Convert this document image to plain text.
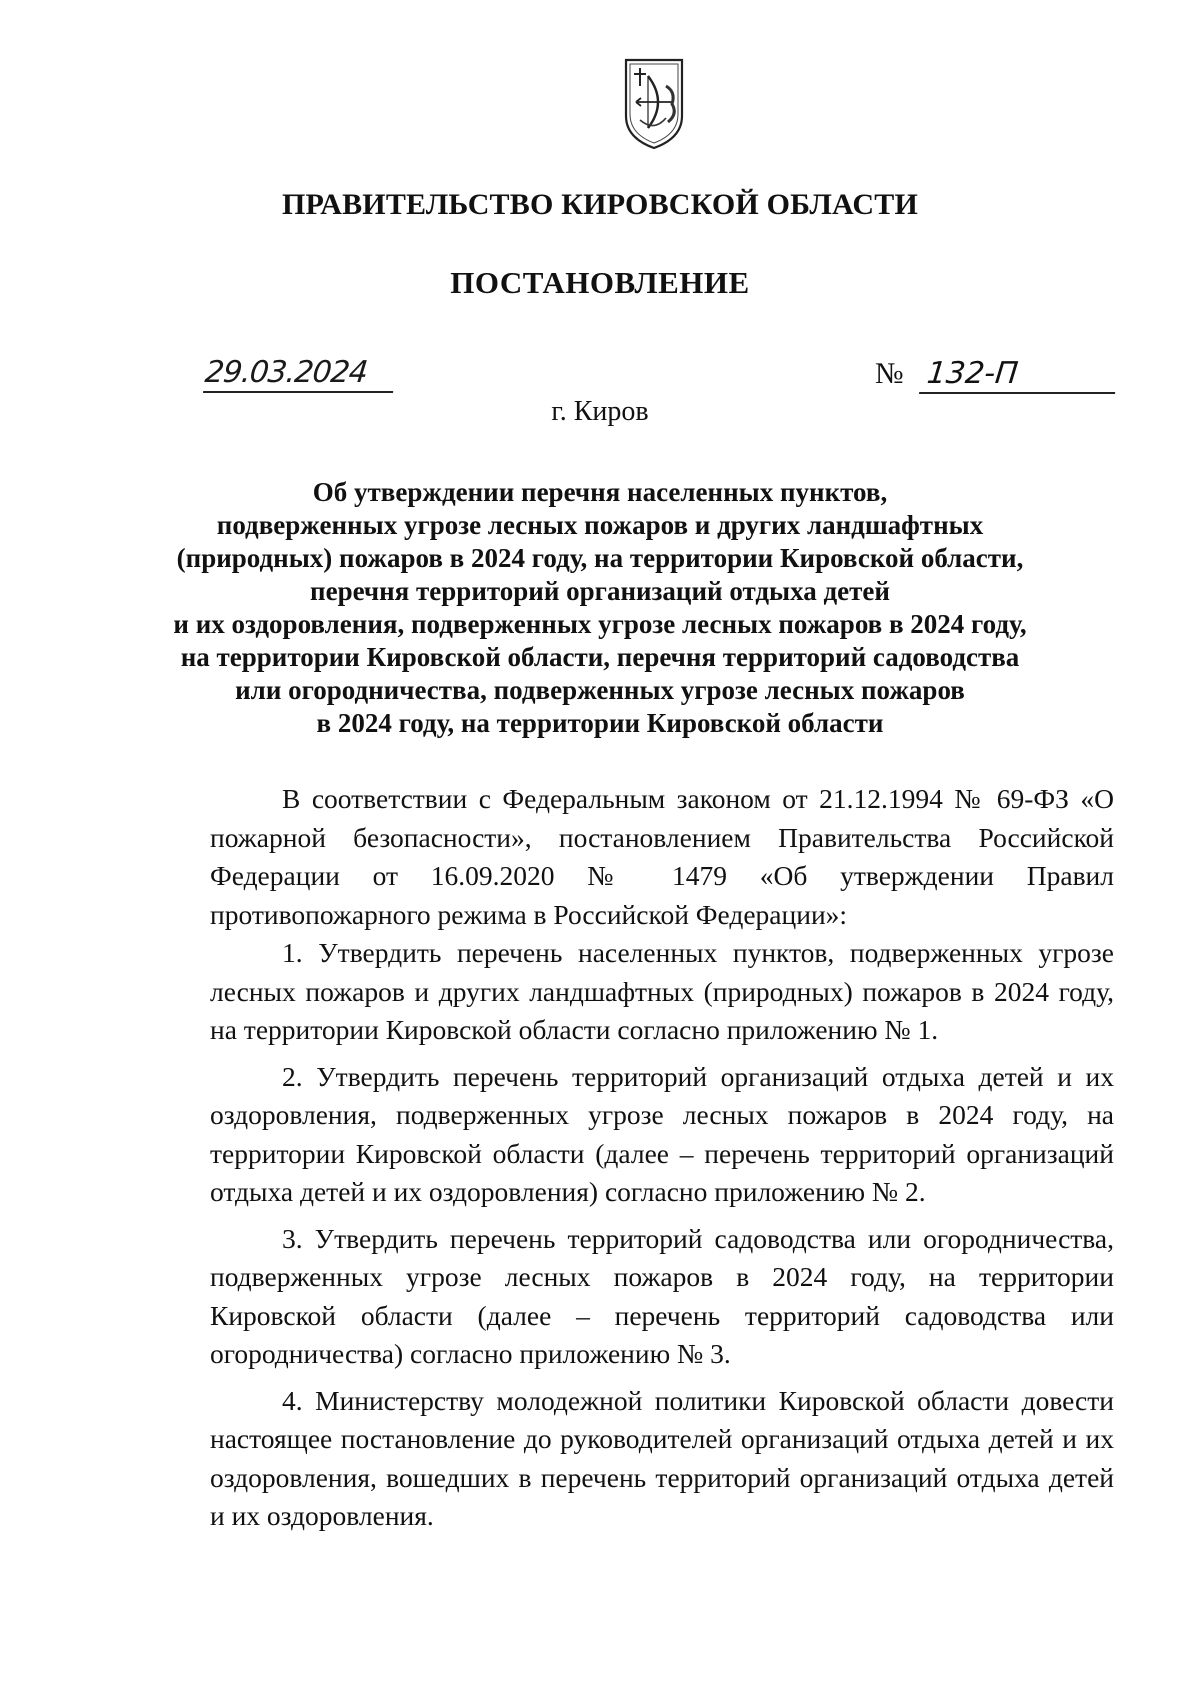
ПРАВИТЕЛЬСТВО КИРОВСКОЙ ОБЛАСТИ
ПОСТАНОВЛЕНИЕ
29.03.2024	№ 132-П
г. Киров
Об утверждении перечня населенных пунктов,
подверженных угрозе лесных пожаров и других ландшафтных
(природных) пожаров в 2024 году, на территории Кировской области,
перечня территорий организаций отдыха детей
и их оздоровления, подверженных угрозе лесных пожаров в 2024 году,
на территории Кировской области, перечня территорий садоводства
или огородничества, подверженных угрозе лесных пожаров
в 2024 году, на территории Кировской области

В соответствии с Федеральным законом от 21.12.1994 № 69-ФЗ «О пожарной безопасности», постановлением Правительства Российской Федерации от 16.09.2020 № 1479 «Об утверждении Правил противопожарного режима в Российской Федерации»:

1. Утвердить перечень населенных пунктов, подверженных угрозе лесных пожаров и других ландшафтных (природных) пожаров в 2024 году, на территории Кировской области согласно приложению № 1.

2. Утвердить перечень территорий организаций отдыха детей и их оздоровления, подверженных угрозе лесных пожаров в 2024 году, на территории Кировской области (далее – перечень территорий организаций отдыха детей и их оздоровления) согласно приложению № 2.

3. Утвердить перечень территорий садоводства или огородничества, подверженных угрозе лесных пожаров в 2024 году, на территории Кировской области (далее – перечень территорий садоводства или огородничества) согласно приложению № 3.

4. Министерству молодежной политики Кировской области довести настоящее постановление до руководителей организаций отдыха детей и их оздоровления, вошедших в перечень территорий организаций отдыха детей и их оздоровления.
